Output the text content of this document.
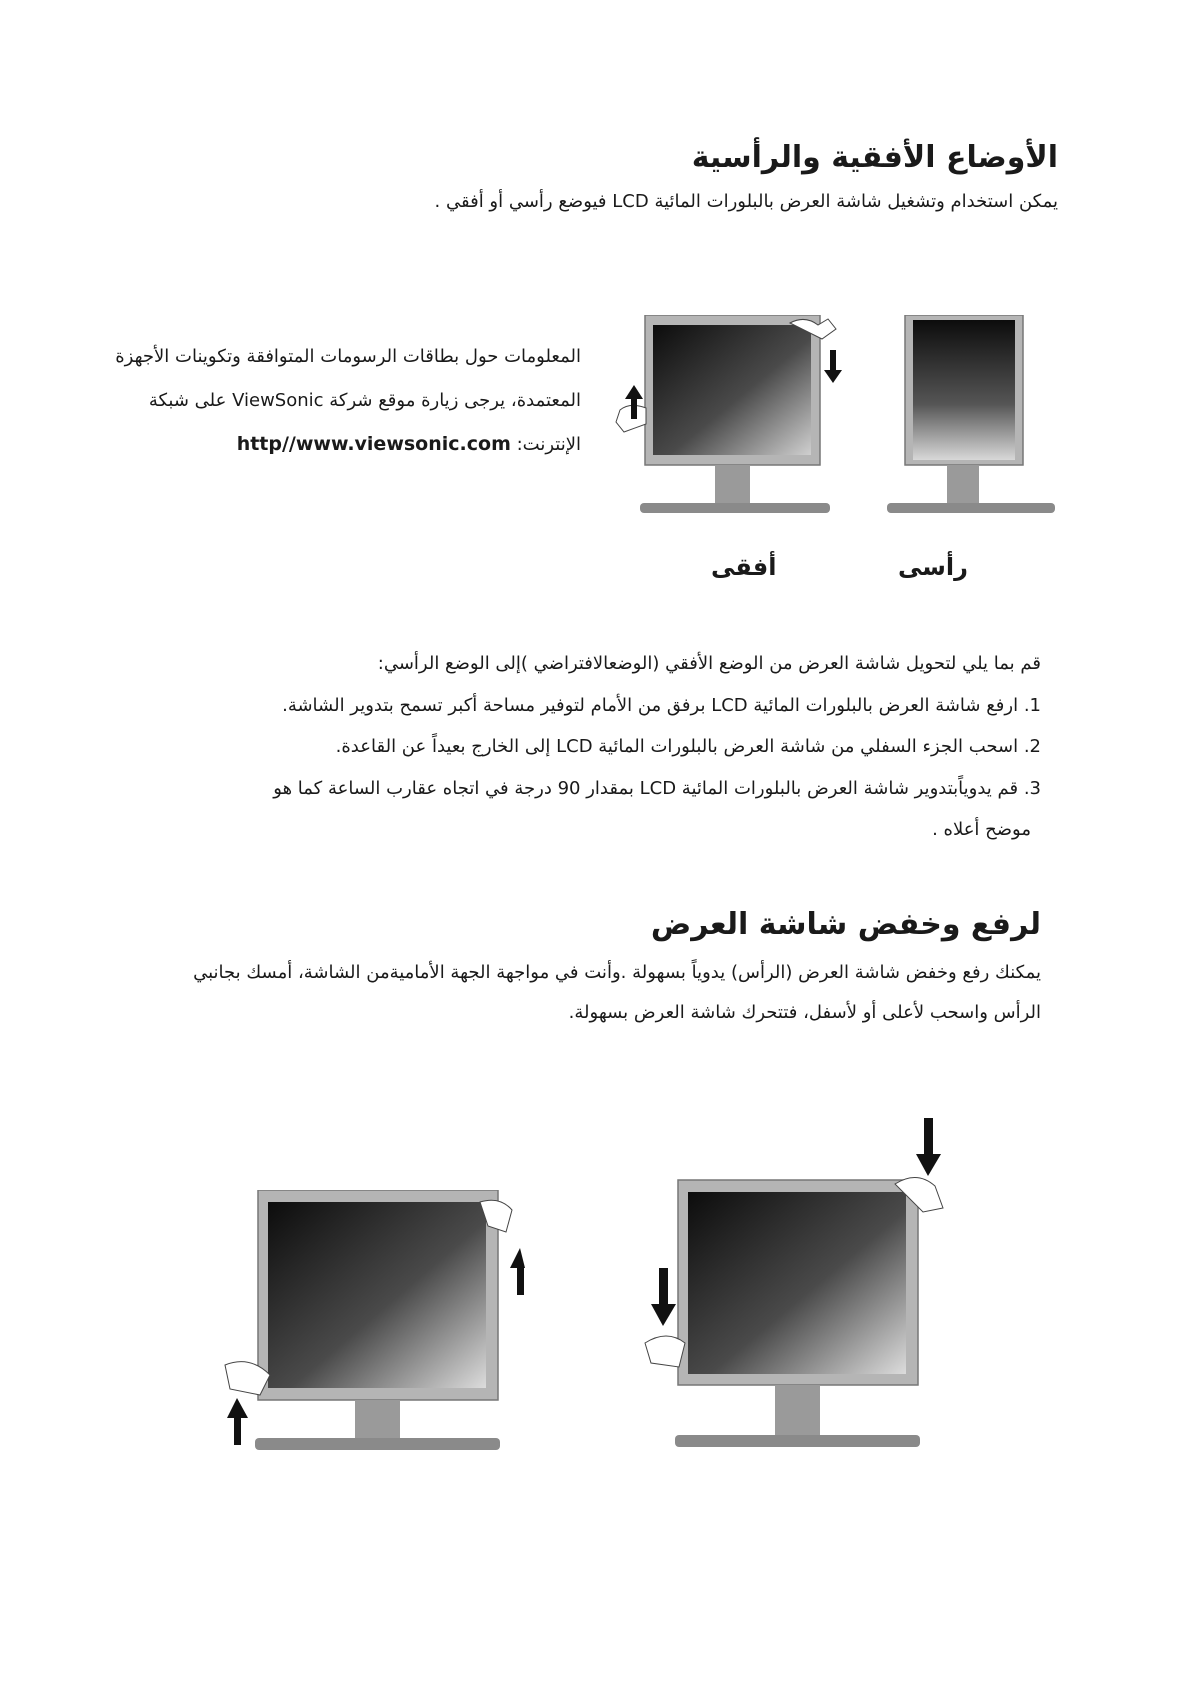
الأوضاع الأفقية والرأسية
يمكن استخدام وتشغيل شاشة العرض بالبلورات المائية LCD فيوضع رأسي أو أفقي .
المعلومات حول بطاقات الرسومات المتوافقة وتكوينات الأجهزة
المعتمدة، يرجى زيارة موقع شركة ViewSonic على شبكة
الإنترنت: http//www.viewsonic.com
رأسى
أفقى
قم بما يلي لتحويل شاشة العرض من الوضع الأفقي (الوضعالافتراضي )إلى الوضع الرأسي:
1. ارفع شاشة العرض بالبلورات المائية LCD برفق من الأمام لتوفير مساحة أكبر تسمح بتدوير الشاشة.
2. اسحب الجزء السفلي من شاشة العرض بالبلورات المائية LCD إلى الخارج بعيداً عن القاعدة.
3. قم يدوياًبتدوير شاشة العرض بالبلورات المائية LCD بمقدار 90 درجة في اتجاه عقارب الساعة كما هو
موضح أعلاه .
لرفع وخفض شاشة العرض
يمكنك رفع وخفض شاشة العرض (الرأس) يدوياً بسهولة .وأنت في مواجهة الجهة الأماميةمن الشاشة، أمسك بجانبي
الرأس واسحب لأعلى أو لأسفل، فتتحرك شاشة العرض بسهولة.
